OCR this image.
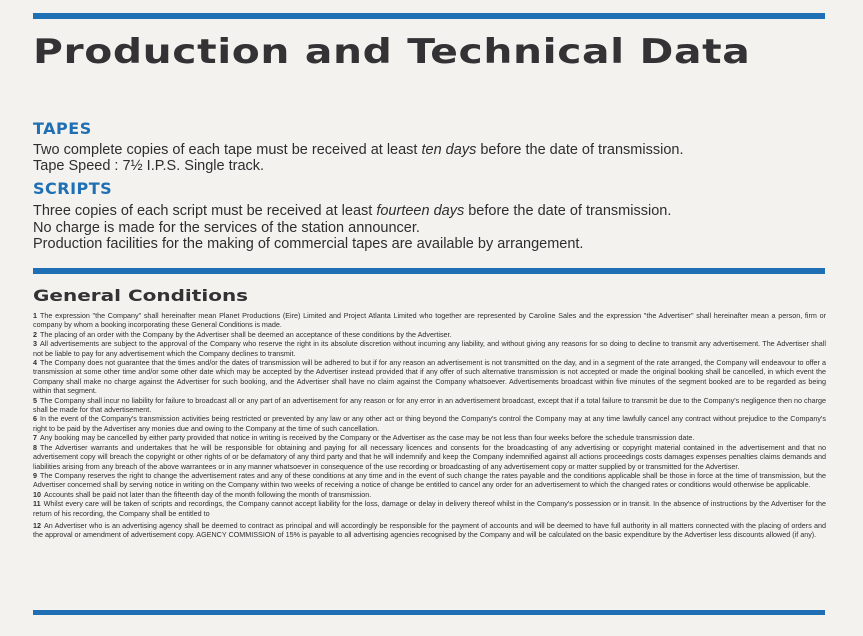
Production and Technical Data
TAPES

Two complete copies of each tape must be received at least ten days before the date of transmission.

Tape Speed : 7½ I.P.S. Single track.

SCRIPTS

Three copies of each script must be received at least fourteen days before the date of transmission.

No charge is made for the services of the station announcer.

Production facilities for the making of commercial tapes are available by arrangement.

General Conditions

1 The expression "the Company" shall hereinafter mean Planet Productions (Eire) Limited and Project Atlanta Limited who together are represented by Caroline Sales and the expression "the Advertiser" shall hereinafter mean a person, firm or company by whom a booking incorporating these General Conditions is made.

2 The placing of an order with the Company by the Advertiser shall be deemed an acceptance of these conditions by the Advertiser.

3 All advertisements are subject to the approval of the Company who reserve the right in its absolute discretion without incurring any liability, and without giving any reasons for so doing to decline to transmit any advertisement. The Advertiser shall not be liable to pay for any advertisement which the Company declines to transmit.

4 The Company does not guarantee that the times and/or the dates of transmission will be adhered to but if for any reason an advertisement is not transmitted on the day, and in a segment of the rate arranged, the Company will endeavour to offer a transmission at some other time and/or some other date which may be accepted by the Advertiser instead provided that if any offer of such alternative transmission is not accepted or made the original booking shall be cancelled, in which event the Company shall make no charge against the Advertiser for such booking, and the Advertiser shall have no claim against the Company whatsoever. Advertisements broadcast within five minutes of the segment booked are to be regarded as being within that segment.

5 The Company shall incur no liability for failure to broadcast all or any part of an advertisement for any reason or for any error in an advertisement broadcast, except that if a total failure to transmit be due to the Company's negligence then no charge shall be made for that advertisement.

6 In the event of the Company's transmission activities being restricted or prevented by any law or any other act or thing beyond the Company's control the Company may at any time lawfully cancel any contract without prejudice to the Company's right to be paid by the Advertiser any monies due and owing to the Company at the time of such cancellation.

7 Any booking may be cancelled by either party provided that notice in writing is received by the Company or the Advertiser as the case may be not less than four weeks before the schedule transmission date.

8 The Advertiser warrants and undertakes that he will be responsible for obtaining and paying for all necessary licences and consents for the broadcasting of any advertising or copyright material contained in the advertisement and that no advertisement copy will breach the copyright or other rights of or be defamatory of any third party and that he will indemnify and keep the Company indemnified against all actions proceedings costs damages expenses penalties claims demands and liabilities arising from any breach of the above warrantees or in any manner whatsoever in consequence of the use recording or broadcasting of any advertisement copy or matter supplied by or transmitted for the Advertiser.

9 The Company reserves the right to change the advertisement rates and any of these conditions at any time and in the event of such change the rates payable and the conditions applicable shall be those in force at the time of transmission, but the Advertiser concerned shall by serving notice in writing on the Company within two weeks of receiving a notice of change be entitled to cancel any order for an advertisement to which the changed rates or conditions would otherwise be applicable.

10 Accounts shall be paid not later than the fifteenth day of the month following the month of transmission.

11 Whilst every care will be taken of scripts and recordings, the Company cannot accept liability for the loss, damage or delay in delivery thereof whilst in the Company's possession or in transit. In the absence of instructions by the Advertiser for the return of his recording, the Company shall be entitled to

12 An Advertiser who is an advertising agency shall be deemed to contract as principal and will accordingly be responsible for the payment of accounts and will be deemed to have full authority in all matters connected with the placing of orders and the approval or amendment of advertisement copy. AGENCY COMMISSION of 15% is payable to all advertising agencies recognised by the Company and will be calculated on the basic expenditure by the Advertiser less discounts allowed (if any).
